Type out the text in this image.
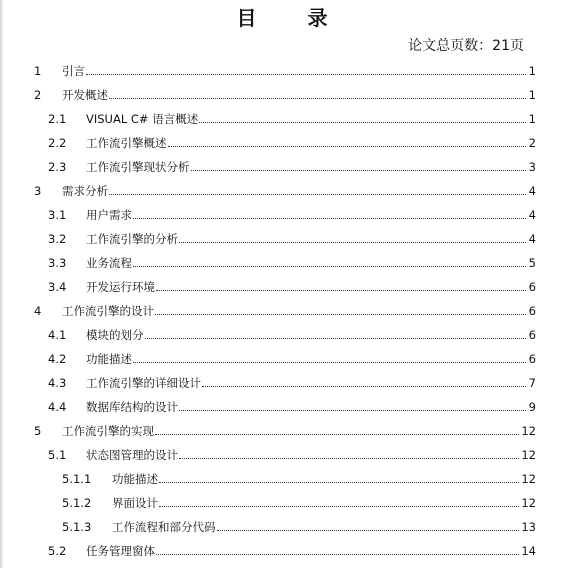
目 录
论文总页数：21页
1 引言	1
2 开发概述	1
2.1 VISUAL C# 语言概述	1
2.2 工作流引擎概述	2
2.3 工作流引擎现状分析	3
3 需求分析	4
3.1 用户需求	4
3.2 工作流引擎的分析	4
3.3 业务流程	5
3.4 开发运行环境	6
4 工作流引擎的设计	6
4.1 模块的划分	6
4.2 功能描述	6
4.3 工作流引擎的详细设计	7
4.4 数据库结构的设计	9
5 工作流引擎的实现	12
5.1 状态图管理的设计	12
5.1.1 功能描述	12
5.1.2 界面设计	12
5.1.3 工作流程和部分代码	13
5.2 任务管理窗体	14
